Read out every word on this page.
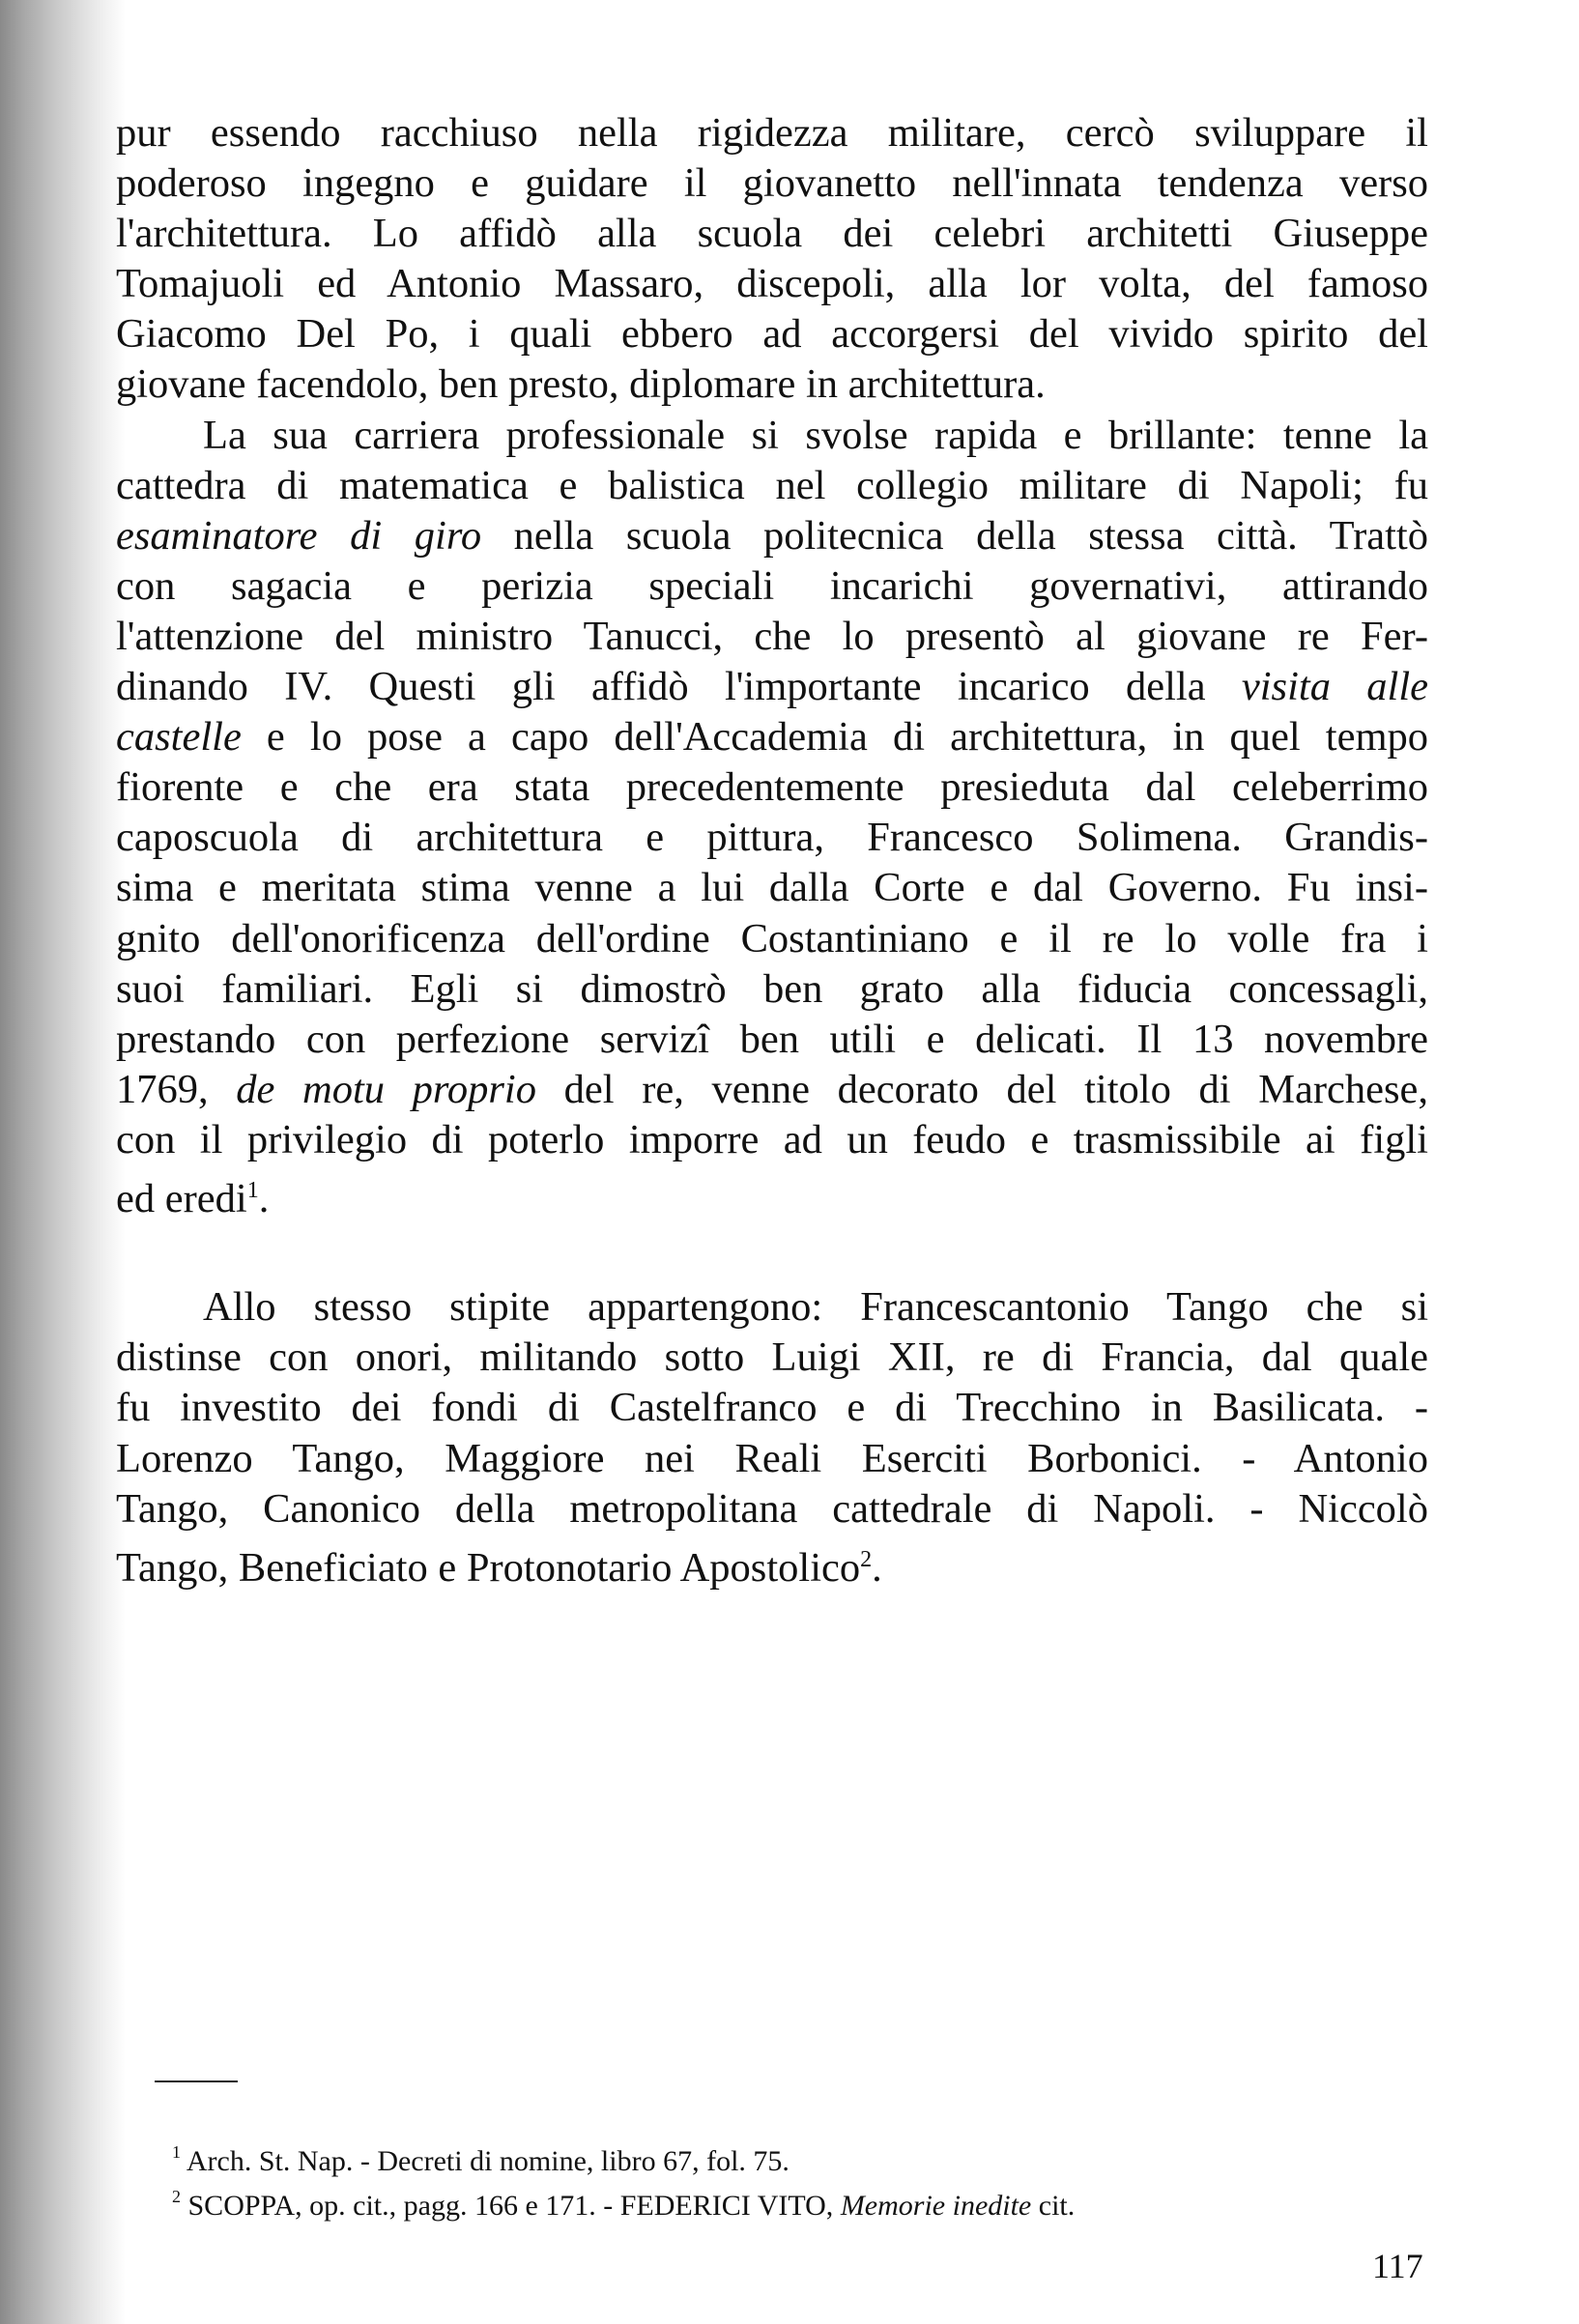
pur essendo racchiuso nella rigidezza militare, cercò sviluppare il
poderoso ingegno e guidare il giovanetto nell'innata tendenza verso
l'architettura. Lo affidò alla scuola dei celebri architetti Giuseppe
Tomajuoli ed Antonio Massaro, discepoli, alla lor volta, del famoso
Giacomo Del Po, i quali ebbero ad accorgersi del vivido spirito del
giovane facendolo, ben presto, diplomare in architettura.
La sua carriera professionale si svolse rapida e brillante: tenne la
cattedra di matematica e balistica nel collegio militare di Napoli; fu
esaminatore di giro nella scuola politecnica della stessa città. Trattò
con sagacia e perizia speciali incarichi governativi, attirando
l'attenzione del ministro Tanucci, che lo presentò al giovane re Fer-
dinando IV. Questi gli affidò l'importante incarico della visita alle
castelle e lo pose a capo dell'Accademia di architettura, in quel tempo
fiorente e che era stata precedentemente presieduta dal celeberrimo
caposcuola di architettura e pittura, Francesco Solimena. Grandis-
sima e meritata stima venne a lui dalla Corte e dal Governo. Fu insi-
gnito dell'onorificenza dell'ordine Costantiniano e il re lo volle fra i
suoi familiari. Egli si dimostrò ben grato alla fiducia concessagli,
prestando con perfezione servizî ben utili e delicati. Il 13 novembre
1769, de motu proprio del re, venne decorato del titolo di Marchese,
con il privilegio di poterlo imporre ad un feudo e trasmissibile ai figli
ed eredi$^1$.
Allo stesso stipite appartengono: Francescantonio Tango che si
distinse con onori, militando sotto Luigi XII, re di Francia, dal quale
fu investito dei fondi di Castelfranco e di Trecchino in Basilicata. -
Lorenzo Tango, Maggiore nei Reali Eserciti Borbonici. - Antonio
Tango, Canonico della metropolitana cattedrale di Napoli. - Niccolò
Tango, Beneficiato e Protonotario Apostolico$^2$.
$^1$ Arch. St. Nap. - Decreti di nomine, libro 67, fol. 75.
$^2$ SCOPPA, op. cit., pagg. 166 e 171. - FEDERICI VITO, Memorie inedite cit.
117
